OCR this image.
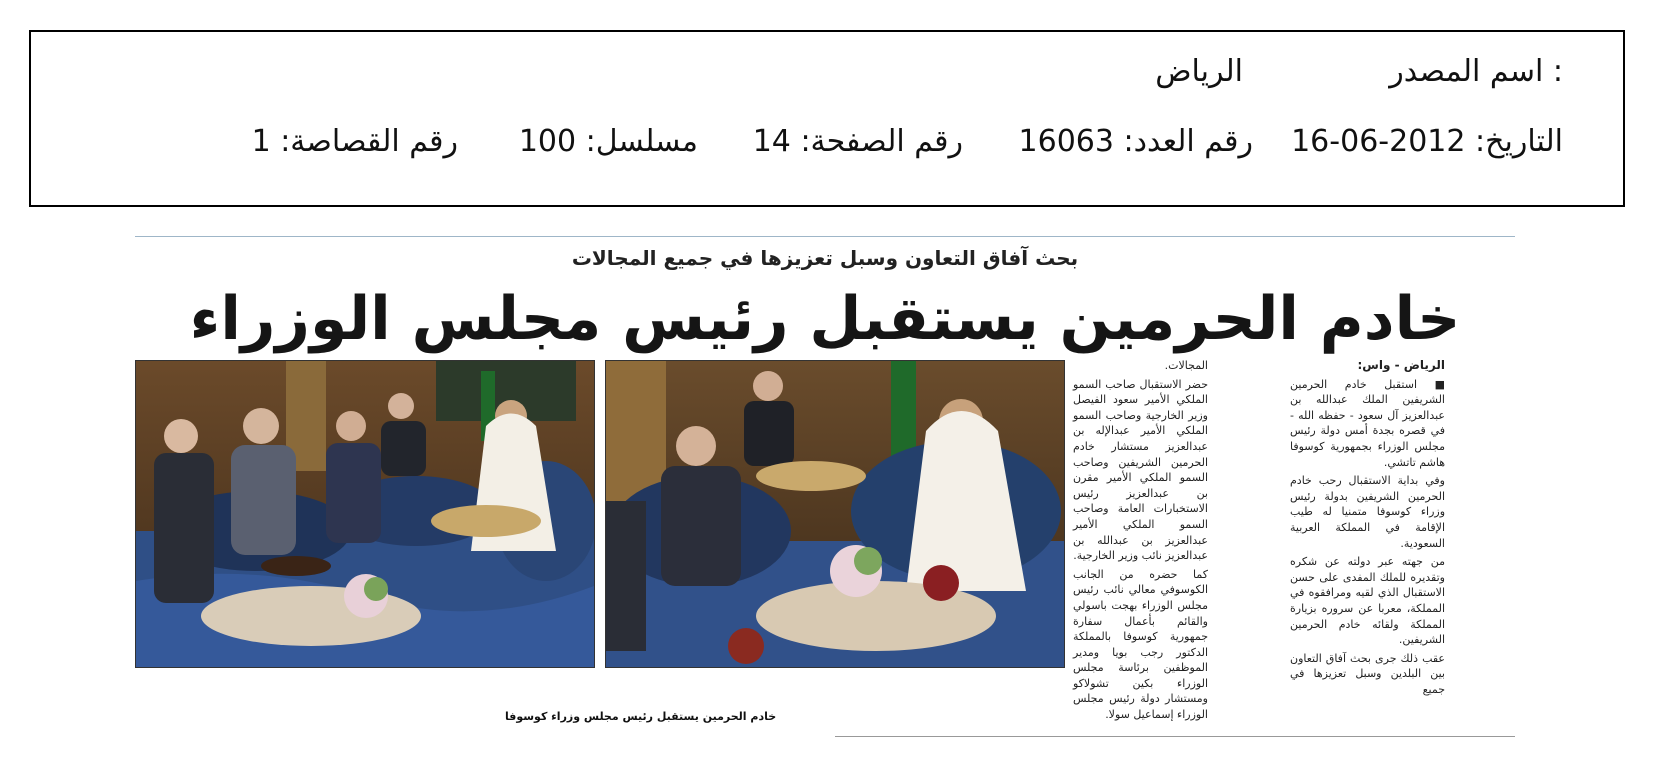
اسم المصدر :
الرياض
التاريخ: 2012-06-16
رقم العدد: 16063
رقم الصفحة: 14
مسلسل: 100
رقم القصاصة: 1
بحث آفاق التعاون وسبل تعزيزها في جميع المجالات
خادم الحرمين يستقبل رئيس مجلس الوزراء
خادم الحرمين يستقبل رئيس مجلس وزراء كوسوفا

المجالات.

حضر الاستقبال صاحب السمو الملكي الأمير سعود الفيصل وزير الخارجية وصاحب السمو الملكي الأمير عبدالإله بن عبدالعزيز مستشار خادم الحرمين الشريفين وصاحب السمو الملكي الأمير مقرن بن عبدالعزيز رئيس الاستخبارات العامة وصاحب السمو الملكي الأمير عبدالعزيز بن عبدالله بن عبدالعزيز نائب وزير الخارجية.

كما حضره من الجانب الكوسوفي معالي نائب رئيس مجلس الوزراء بهجت باسولي والقائم بأعمال سفارة جمهورية كوسوفا بالمملكة الدكتور رجب بويا ومدير الموظفين برئاسة مجلس الوزراء بكين تشولاكو ومستشار دولة رئيس مجلس الوزراء إسماعيل سولا.

الرياض - واس:

■ استقبل خادم الحرمين الشريفين الملك عبدالله بن عبدالعزيز آل سعود - حفظه الله - في قصره بجدة أمس دولة رئيس مجلس الوزراء بجمهورية كوسوفا هاشم تاتشي.

وفي بداية الاستقبال رحب خادم الحرمين الشريفين بدولة رئيس وزراء كوسوفا متمنيا له طيب الإقامة في المملكة العربية السعودية.

من جهته عبر دولته عن شكره وتقديره للملك المفدى على حسن الاستقبال الذي لقيه ومرافقوه في المملكة، معربا عن سروره بزيارة المملكة ولقائه خادم الحرمين الشريفين.

عقب ذلك جرى بحث آفاق التعاون بين البلدين وسبل تعزيزها في جميع
